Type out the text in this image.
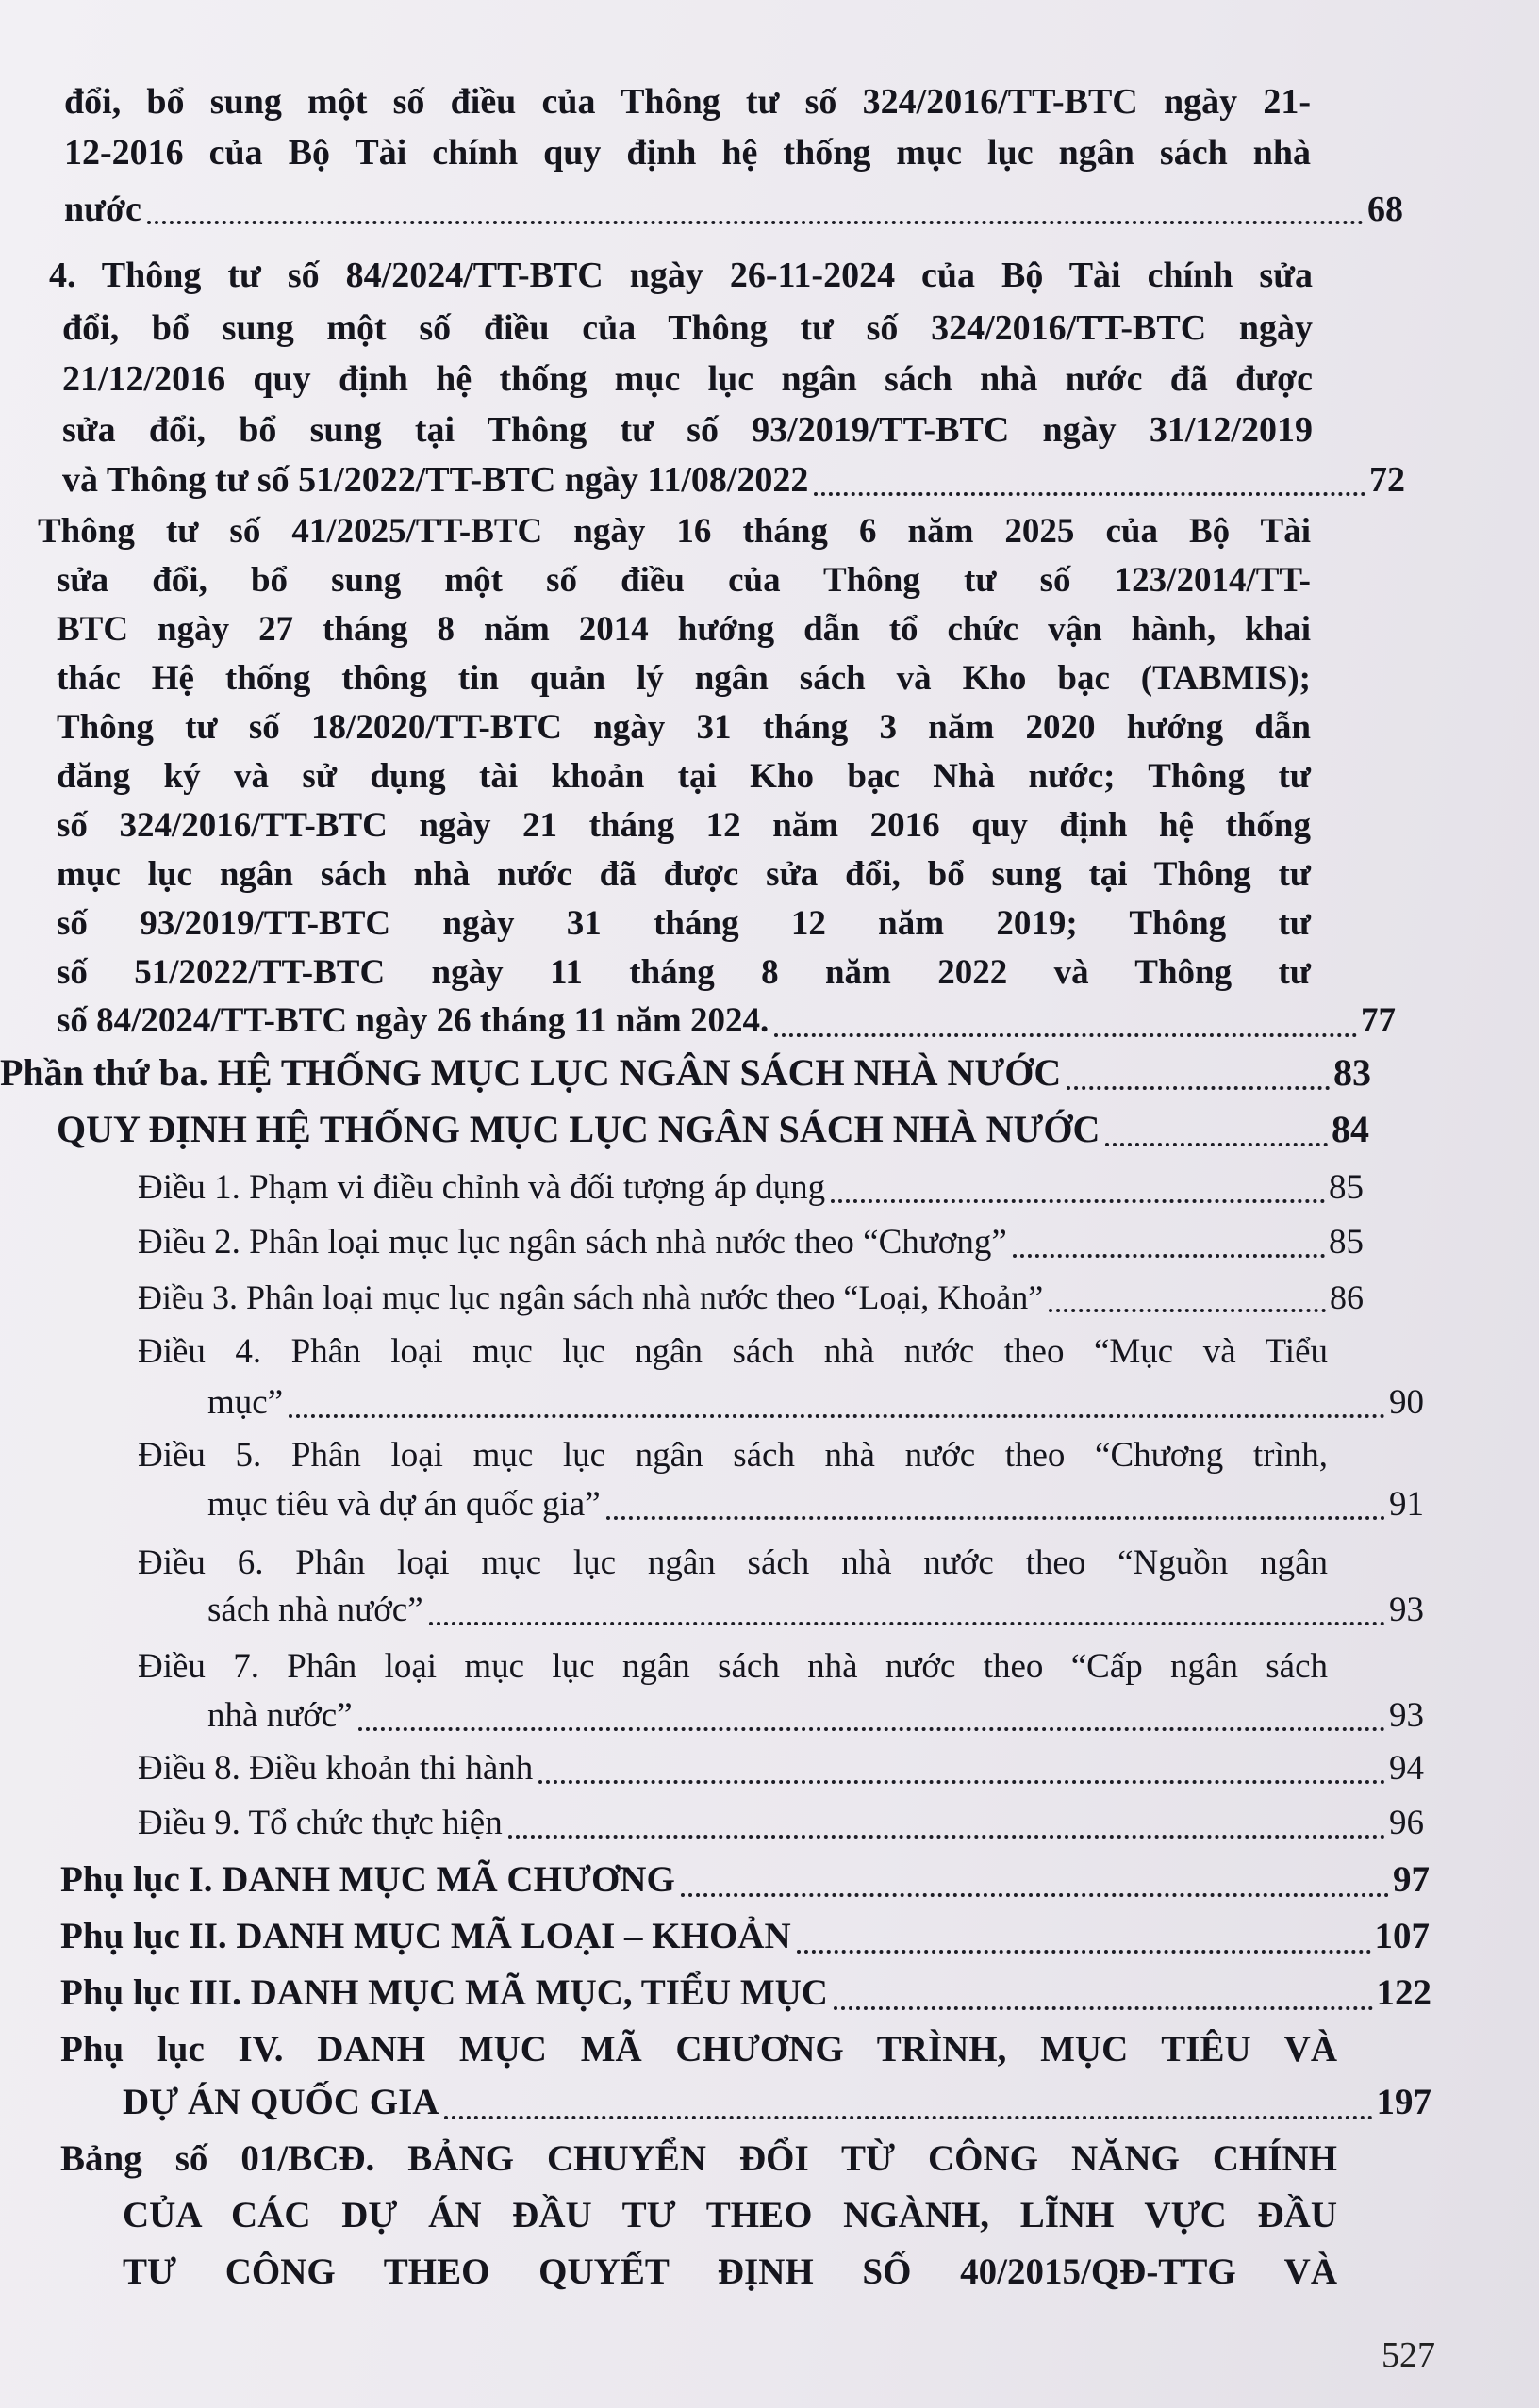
đổi, bổ sung một số điều của Thông tư số 324/2016/TT-BTC ngày 21-
12-2016 của Bộ Tài chính quy định hệ thống mục lục ngân sách nhà
nước	68
4. Thông tư số 84/2024/TT-BTC ngày 26-11-2024 của Bộ Tài chính sửa
đổi, bổ sung một số điều của Thông tư số 324/2016/TT-BTC ngày
21/12/2016 quy định hệ thống mục lục ngân sách nhà nước đã được
sửa đổi, bổ sung tại Thông tư số 93/2019/TT-BTC ngày 31/12/2019
và Thông tư số 51/2022/TT-BTC ngày 11/08/2022	72
Thông tư số 41/2025/TT-BTC ngày 16 tháng 6 năm 2025 của Bộ Tài
sửa đổi, bổ sung một số điều của Thông tư số 123/2014/TT-
BTC ngày 27 tháng 8 năm 2014 hướng dẫn tổ chức vận hành, khai
thác Hệ thống thông tin quản lý ngân sách và Kho bạc (TABMIS);
Thông tư số 18/2020/TT-BTC ngày 31 tháng 3 năm 2020 hướng dẫn
đăng ký và sử dụng tài khoản tại Kho bạc Nhà nước; Thông tư
số 324/2016/TT-BTC ngày 21 tháng 12 năm 2016 quy định hệ thống
mục lục ngân sách nhà nước đã được sửa đổi, bổ sung tại Thông tư
số 93/2019/TT-BTC ngày 31 tháng 12 năm 2019; Thông tư
số 51/2022/TT-BTC ngày 11 tháng 8 năm 2022 và Thông tư
số 84/2024/TT-BTC ngày 26 tháng 11 năm 2024.	77
Phần thứ ba. HỆ THỐNG MỤC LỤC NGÂN SÁCH NHÀ NƯỚC	83
QUY ĐỊNH HỆ THỐNG MỤC LỤC NGÂN SÁCH NHÀ NƯỚC	84
Điều 1. Phạm vi điều chỉnh và đối tượng áp dụng	85
Điều 2. Phân loại mục lục ngân sách nhà nước theo “Chương”	85
Điều 3. Phân loại mục lục ngân sách nhà nước theo “Loại, Khoản”	86
Điều 4. Phân loại mục lục ngân sách nhà nước theo “Mục và Tiểu
mục”	90
Điều 5. Phân loại mục lục ngân sách nhà nước theo “Chương trình,
mục tiêu và dự án quốc gia”	91
Điều 6. Phân loại mục lục ngân sách nhà nước theo “Nguồn ngân
sách nhà nước”	93
Điều 7. Phân loại mục lục ngân sách nhà nước theo “Cấp ngân sách
nhà nước”	93
Điều 8. Điều khoản thi hành	94
Điều 9. Tổ chức thực hiện	96
Phụ lục I. DANH MỤC MÃ CHƯƠNG	97
Phụ lục II. DANH MỤC MÃ LOẠI – KHOẢN	107
Phụ lục III. DANH MỤC MÃ MỤC, TIỂU MỤC	122
Phụ lục IV. DANH MỤC MÃ CHƯƠNG TRÌNH, MỤC TIÊU VÀ
DỰ ÁN QUỐC GIA	197
Bảng số 01/BCĐ. BẢNG CHUYỂN ĐỔI TỪ CÔNG NĂNG CHÍNH
CỦA CÁC DỰ ÁN ĐẦU TƯ THEO NGÀNH, LĨNH VỰC ĐẦU
TƯ CÔNG THEO QUYẾT ĐỊNH SỐ 40/2015/QĐ-TTG VÀ
527
